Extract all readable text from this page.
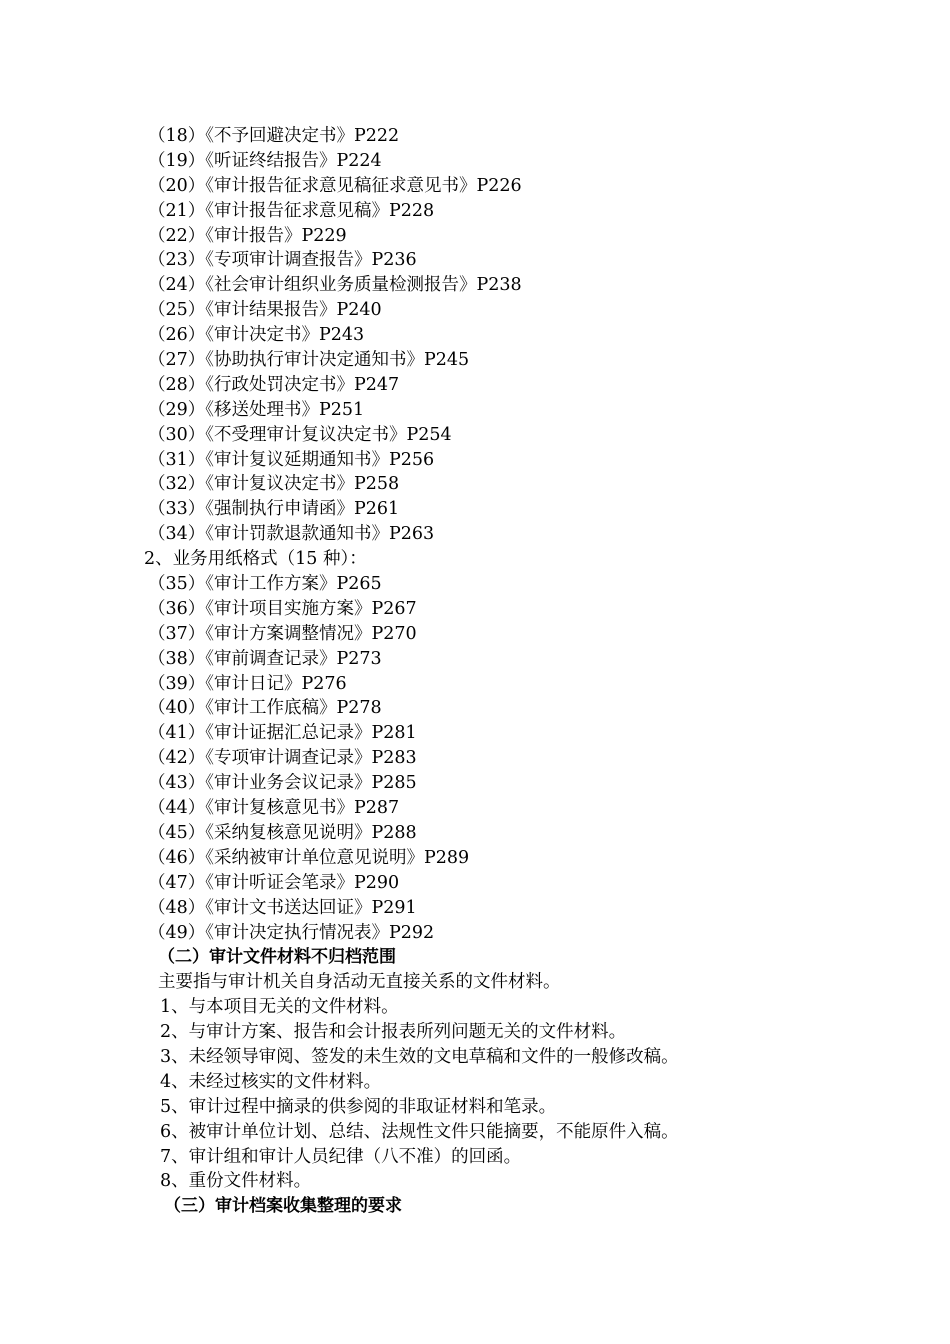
（18）《不予回避决定书》P222
（19）《听证终结报告》P224
（20）《审计报告征求意见稿征求意见书》P226
（21）《审计报告征求意见稿》P228
（22）《审计报告》P229
（23）《专项审计调查报告》P236
（24）《社会审计组织业务质量检测报告》P238
（25）《审计结果报告》P240
（26）《审计决定书》P243
（27）《协助执行审计决定通知书》P245
（28）《行政处罚决定书》P247
（29）《移送处理书》P251
（30）《不受理审计复议决定书》P254
（31）《审计复议延期通知书》P256
（32）《审计复议决定书》P258
（33）《强制执行申请函》P261
（34）《审计罚款退款通知书》P263
2、业务用纸格式（15 种）：
（35）《审计工作方案》P265
（36）《审计项目实施方案》P267
（37）《审计方案调整情况》P270
（38）《审前调查记录》P273
（39）《审计日记》P276
（40）《审计工作底稿》P278
（41）《审计证据汇总记录》P281
（42）《专项审计调查记录》P283
（43）《审计业务会议记录》P285
（44）《审计复核意见书》P287
（45）《采纳复核意见说明》P288
（46）《采纳被审计单位意见说明》P289
（47）《审计听证会笔录》P290
（48）《审计文书送达回证》P291
（49）《审计决定执行情况表》P292
（二）审计文件材料不归档范围
主要指与审计机关自身活动无直接关系的文件材料。
1、与本项目无关的文件材料。
2、与审计方案、报告和会计报表所列问题无关的文件材料。
3、未经领导审阅、签发的未生效的文电草稿和文件的一般修改稿。
4、未经过核实的文件材料。
5、审计过程中摘录的供参阅的非取证材料和笔录。
6、被审计单位计划、总结、法规性文件只能摘要，不能原件入稿。
7、审计组和审计人员纪律（八不准）的回函。
8、重份文件材料。
（三）审计档案收集整理的要求
